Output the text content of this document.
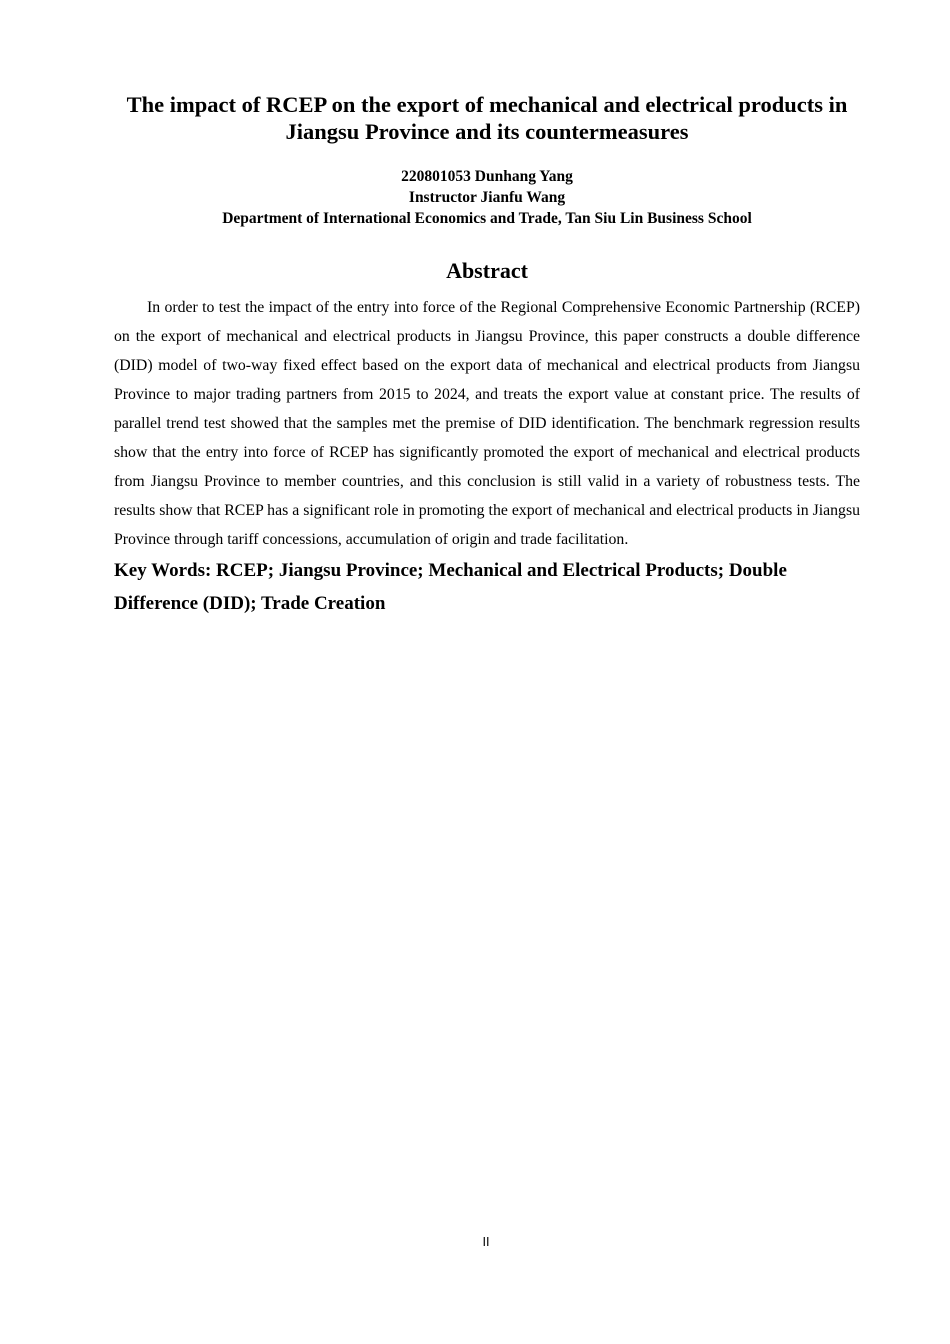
The impact of RCEP on the export of mechanical and electrical products in Jiangsu Province and its countermeasures
220801053 Dunhang Yang
Instructor Jianfu Wang
Department of International Economics and Trade, Tan Siu Lin Business School
Abstract

In order to test the impact of the entry into force of the Regional Comprehensive Economic Partnership (RCEP) on the export of mechanical and electrical products in Jiangsu Province, this paper constructs a double difference (DID) model of two-way fixed effect based on the export data of mechanical and electrical products from Jiangsu Province to major trading partners from 2015 to 2024, and treats the export value at constant price. The results of parallel trend test showed that the samples met the premise of DID identification. The benchmark regression results show that the entry into force of RCEP has significantly promoted the export of mechanical and electrical products from Jiangsu Province to member countries, and this conclusion is still valid in a variety of robustness tests. The results show that RCEP has a significant role in promoting the export of mechanical and electrical products in Jiangsu Province through tariff concessions, accumulation of origin and trade facilitation.

Key Words: RCEP; Jiangsu Province; Mechanical and Electrical Products; Double Difference (DID); Trade Creation

II
